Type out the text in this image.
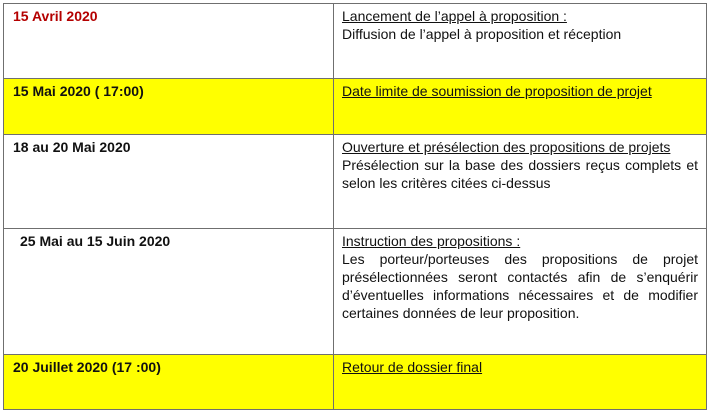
15 Avril 2020	Lancement de l’appel à proposition :
Diffusion de l’appel à proposition et réception

15 Mai 2020 ( 17:00)	Date limite de soumission de proposition de projet

18 au 20 Mai 2020	Ouverture et présélection des propositions de projets
Présélection sur la base des dossiers reçus complets et selon les critères citées ci-dessus

25 Mai au 15 Juin 2020	Instruction des propositions :
Les porteur/porteuses des propositions de projet présélectionnées seront contactés afin de s’enquérir d’éventuelles informations nécessaires et de modifier certaines données de leur proposition.

20 Juillet 2020 (17 :00)	Retour de dossier final
